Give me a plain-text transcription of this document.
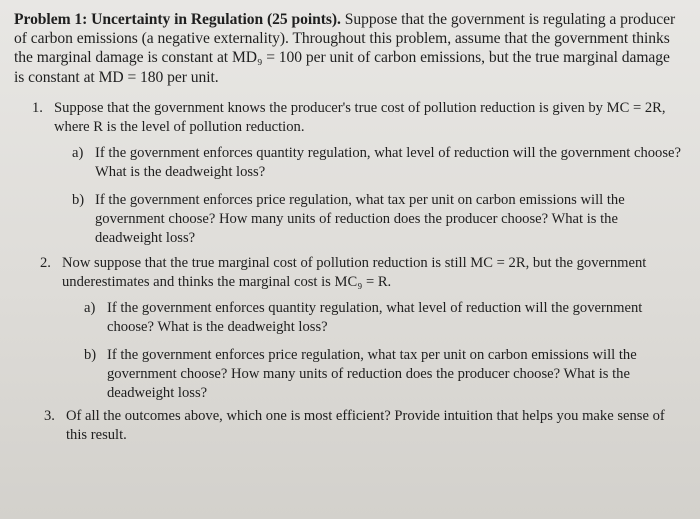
Problem 1: Uncertainty in Regulation (25 points). Suppose that the government is regulating a producer of carbon emissions (a negative externality). Throughout this problem, assume that the government thinks the marginal damage is constant at MD₉ = 100 per unit of carbon emissions, but the true marginal damage is constant at MD = 180 per unit.

1. Suppose that the government knows the producer's true cost of pollution reduction is given by MC = 2R, where R is the level of pollution reduction.
a) If the government enforces quantity regulation, what level of reduction will the government choose? What is the deadweight loss?
b) If the government enforces price regulation, what tax per unit on carbon emissions will the government choose? How many units of reduction does the producer choose? What is the deadweight loss?
2. Now suppose that the true marginal cost of pollution reduction is still MC = 2R, but the government underestimates and thinks the marginal cost is MC₉ = R.
a) If the government enforces quantity regulation, what level of reduction will the government choose? What is the deadweight loss?
b) If the government enforces price regulation, what tax per unit on carbon emissions will the government choose? How many units of reduction does the producer choose? What is the deadweight loss?
3. Of all the outcomes above, which one is most efficient? Provide intuition that helps you make sense of this result.
